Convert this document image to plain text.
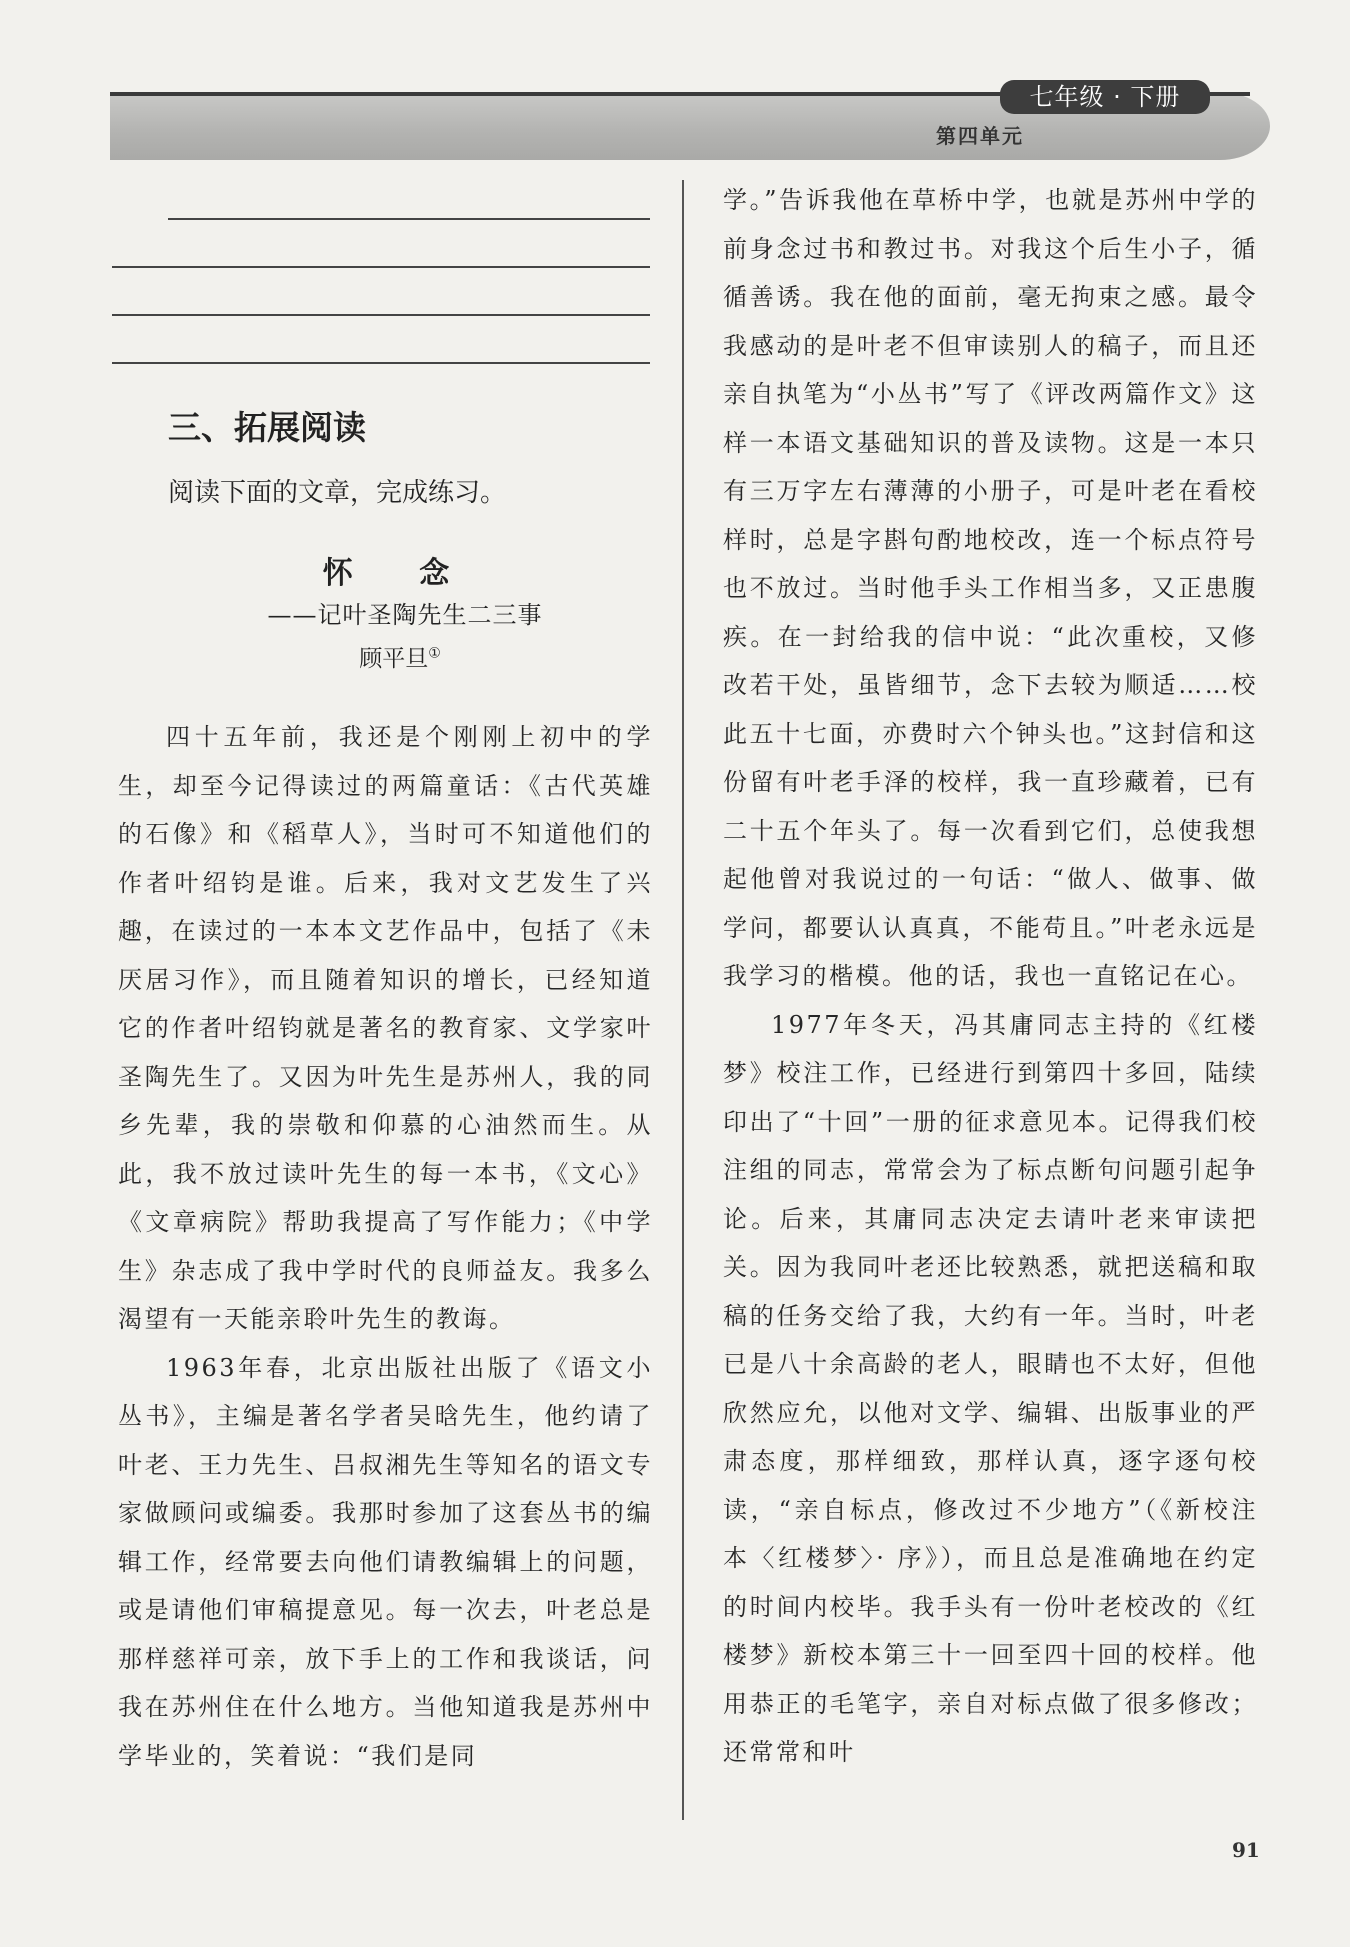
七年级 · 下册
第四单元
三、拓展阅读
阅读下面的文章，完成练习。
怀 念
——记叶圣陶先生二三事
顾平旦①

四十五年前，我还是个刚刚上初中的学生，却至今记得读过的两篇童话：《古代英雄的石像》和《稻草人》，当时可不知道他们的作者叶绍钧是谁。后来，我对文艺发生了兴趣，在读过的一本本文艺作品中，包括了《未厌居习作》，而且随着知识的增长，已经知道它的作者叶绍钧就是著名的教育家、文学家叶圣陶先生了。又因为叶先生是苏州人，我的同乡先辈，我的崇敬和仰慕的心油然而生。从此，我不放过读叶先生的每一本书，《文心》《文章病院》帮助我提高了写作能力；《中学生》杂志成了我中学时代的良师益友。我多么渴望有一天能亲聆叶先生的教诲。

1963年春，北京出版社出版了《语文小丛书》，主编是著名学者吴晗先生，他约请了叶老、王力先生、吕叔湘先生等知名的语文专家做顾问或编委。我那时参加了这套丛书的编辑工作，经常要去向他们请教编辑上的问题，或是请他们审稿提意见。每一次去，叶老总是那样慈祥可亲，放下手上的工作和我谈话，问我在苏州住在什么地方。当他知道我是苏州中学毕业的，笑着说：“我们是同

学。”告诉我他在草桥中学，也就是苏州中学的前身念过书和教过书。对我这个后生小子，循循善诱。我在他的面前，毫无拘束之感。最令我感动的是叶老不但审读别人的稿子，而且还亲自执笔为“小丛书”写了《评改两篇作文》这样一本语文基础知识的普及读物。这是一本只有三万字左右薄薄的小册子，可是叶老在看校样时，总是字斟句酌地校改，连一个标点符号也不放过。当时他手头工作相当多，又正患腹疾。在一封给我的信中说：“此次重校，又修改若干处，虽皆细节，念下去较为顺适……校此五十七面，亦费时六个钟头也。”这封信和这份留有叶老手泽的校样，我一直珍藏着，已有二十五个年头了。每一次看到它们，总使我想起他曾对我说过的一句话：“做人、做事、做学问，都要认认真真，不能苟且。”叶老永远是我学习的楷模。他的话，我也一直铭记在心。

1977年冬天，冯其庸同志主持的《红楼梦》校注工作，已经进行到第四十多回，陆续印出了“十回”一册的征求意见本。记得我们校注组的同志，常常会为了标点断句问题引起争论。后来，其庸同志决定去请叶老来审读把关。因为我同叶老还比较熟悉，就把送稿和取稿的任务交给了我，大约有一年。当时，叶老已是八十余高龄的老人，眼睛也不太好，但他欣然应允，以他对文学、编辑、出版事业的严肃态度，那样细致，那样认真，逐字逐句校读，“亲自标点，修改过不少地方”（《新校注本〈红楼梦〉· 序》），而且总是准确地在约定的时间内校毕。我手头有一份叶老校改的《红楼梦》新校本第三十一回至四十回的校样。他用恭正的毛笔字，亲自对标点做了很多修改；还常常和叶

91
